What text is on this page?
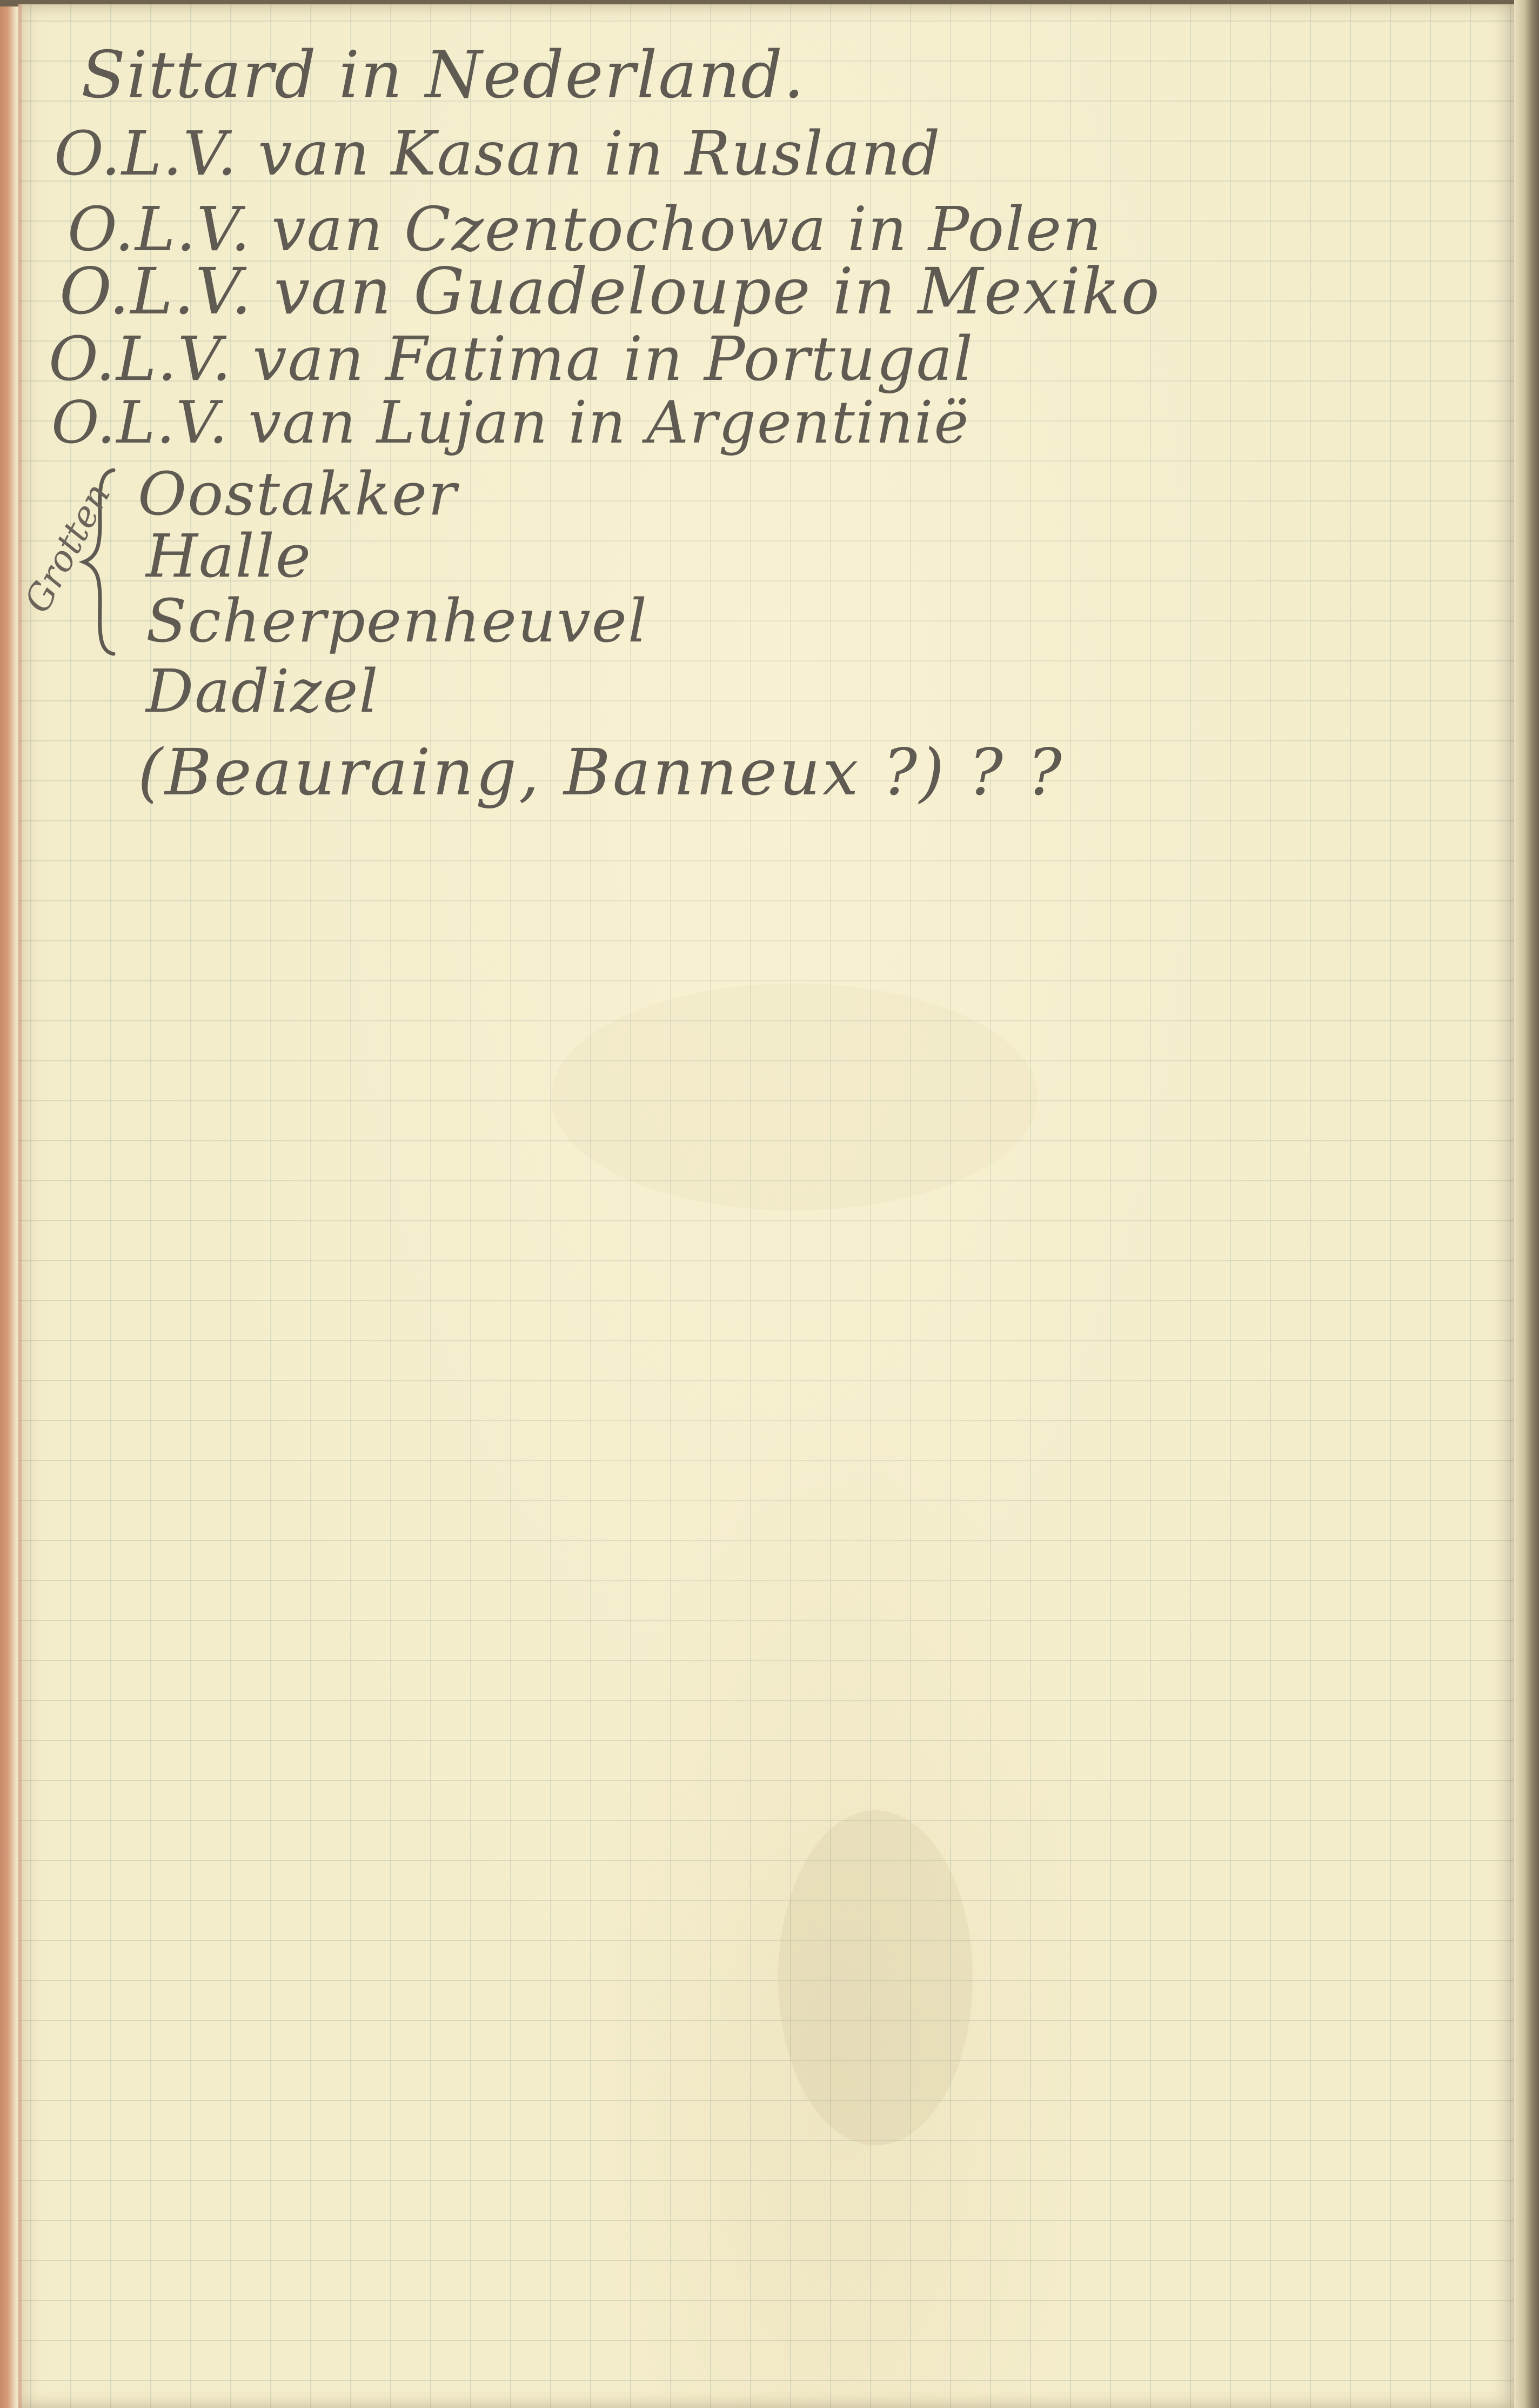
Sittard in Nederland.

O.L.V. van Kasan in Rusland

O.L.V. van Czentochowa in Polen

O.L.V. van Guadeloupe in Mexiko

O.L.V. van Fatima in Portugal

O.L.V. van Lujan in Argentinië

Oostakker

Halle

Scherpenheuvel

Dadizel

(Beauraing, Banneux ?) ? ?

Grotten
